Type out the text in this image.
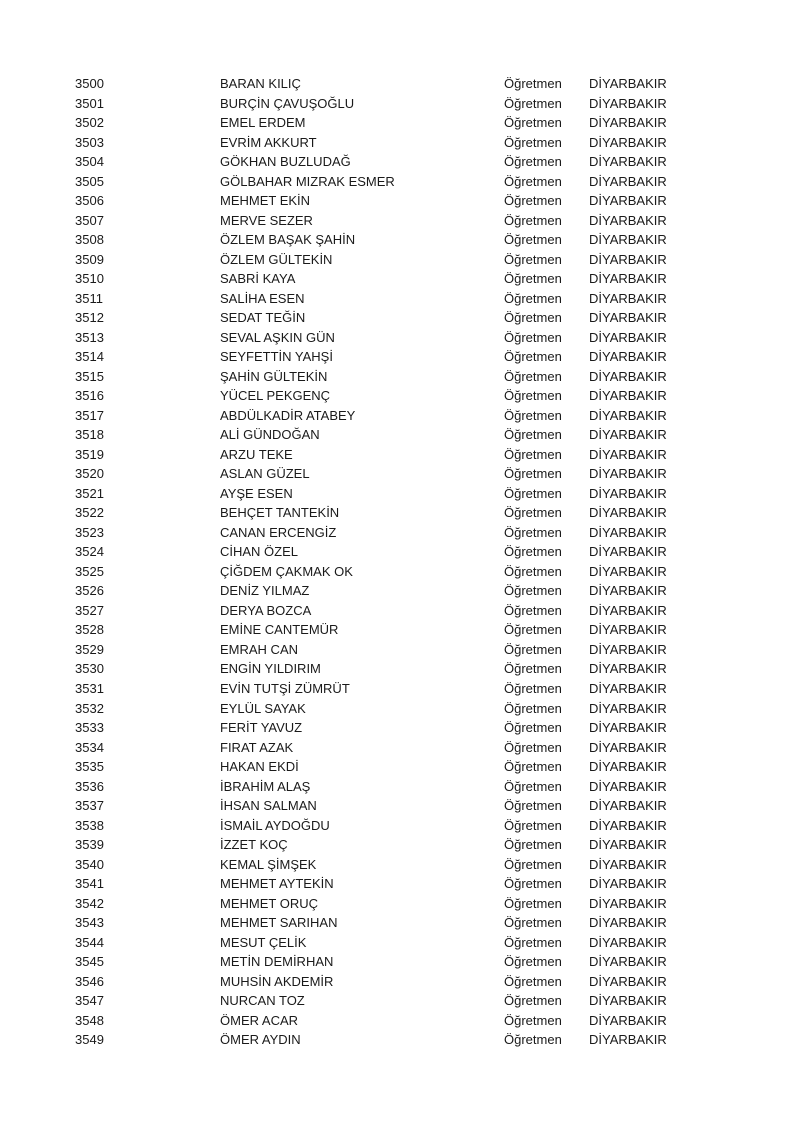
3500	BARAN KILIÇ	Öğretmen DİYARBAKIR
3501	BURÇİN ÇAVUŞOĞLU	Öğretmen DİYARBAKIR
3502	EMEL ERDEM	Öğretmen DİYARBAKIR
3503	EVRİM AKKURT	Öğretmen DİYARBAKIR
3504	GÖKHAN BUZLUDAĞ	Öğretmen DİYARBAKIR
3505	GÖLBAHAR MIZRAK ESMER	Öğretmen DİYARBAKIR
3506	MEHMET EKİN	Öğretmen DİYARBAKIR
3507	MERVE SEZER	Öğretmen DİYARBAKIR
3508	ÖZLEM BAŞAK ŞAHİN	Öğretmen DİYARBAKIR
3509	ÖZLEM GÜLTEKİN	Öğretmen DİYARBAKIR
3510	SABRİ KAYA	Öğretmen DİYARBAKIR
3511	SALİHA ESEN	Öğretmen DİYARBAKIR
3512	SEDAT TEĞİN	Öğretmen DİYARBAKIR
3513	SEVAL AŞKIN GÜN	Öğretmen DİYARBAKIR
3514	SEYFETTİN YAHŞİ	Öğretmen DİYARBAKIR
3515	ŞAHİN GÜLTEKİN	Öğretmen DİYARBAKIR
3516	YÜCEL PEKGENÇ	Öğretmen DİYARBAKIR
3517	ABDÜLKADİR ATABEY	Öğretmen DİYARBAKIR
3518	ALİ GÜNDOĞAN	Öğretmen DİYARBAKIR
3519	ARZU TEKE	Öğretmen DİYARBAKIR
3520	ASLAN GÜZEL	Öğretmen DİYARBAKIR
3521	AYŞE ESEN	Öğretmen DİYARBAKIR
3522	BEHÇET TANTEKİN	Öğretmen DİYARBAKIR
3523	CANAN ERCENGİZ	Öğretmen DİYARBAKIR
3524	CİHAN ÖZEL	Öğretmen DİYARBAKIR
3525	ÇİĞDEM ÇAKMAK OK	Öğretmen DİYARBAKIR
3526	DENİZ YILMAZ	Öğretmen DİYARBAKIR
3527	DERYA BOZCA	Öğretmen DİYARBAKIR
3528	EMİNE CANTEMÜR	Öğretmen DİYARBAKIR
3529	EMRAH CAN	Öğretmen DİYARBAKIR
3530	ENGİN YILDIRIM	Öğretmen DİYARBAKIR
3531	EVİN TUTŞİ ZÜMRÜT	Öğretmen DİYARBAKIR
3532	EYLÜL SAYAK	Öğretmen DİYARBAKIR
3533	FERİT YAVUZ	Öğretmen DİYARBAKIR
3534	FIRAT AZAK	Öğretmen DİYARBAKIR
3535	HAKAN EKDİ	Öğretmen DİYARBAKIR
3536	İBRAHİM ALAŞ	Öğretmen DİYARBAKIR
3537	İHSAN SALMAN	Öğretmen DİYARBAKIR
3538	İSMAİL AYDOĞDU	Öğretmen DİYARBAKIR
3539	İZZET KOÇ	Öğretmen DİYARBAKIR
3540	KEMAL ŞİMŞEK	Öğretmen DİYARBAKIR
3541	MEHMET AYTEKİN	Öğretmen DİYARBAKIR
3542	MEHMET ORUÇ	Öğretmen DİYARBAKIR
3543	MEHMET SARIHAN	Öğretmen DİYARBAKIR
3544	MESUT ÇELİK	Öğretmen DİYARBAKIR
3545	METİN DEMİRHAN	Öğretmen DİYARBAKIR
3546	MUHSİN AKDEMİR	Öğretmen DİYARBAKIR
3547	NURCAN TOZ	Öğretmen DİYARBAKIR
3548	ÖMER ACAR	Öğretmen DİYARBAKIR
3549	ÖMER AYDIN	Öğretmen DİYARBAKIR
